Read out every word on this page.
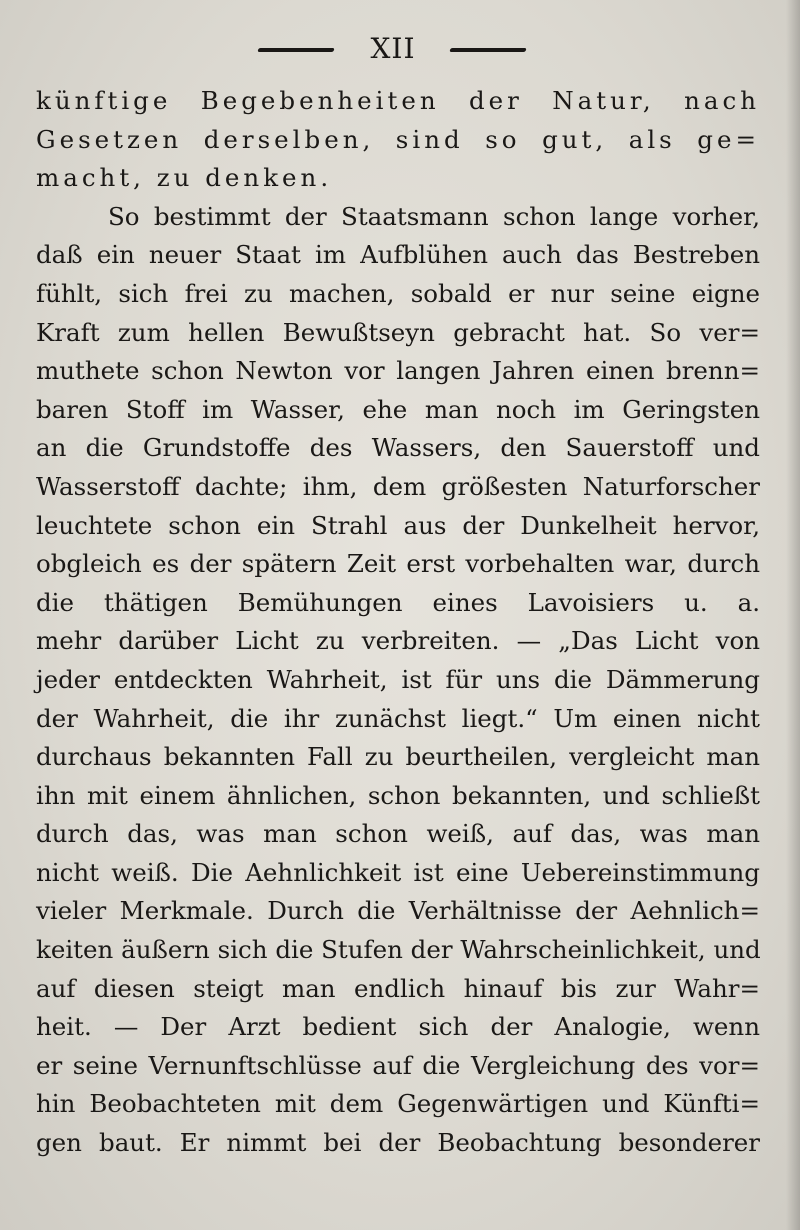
XII
künftige Begebenheiten der Natur, nach
Gesetzen derselben, sind so gut, als ge=
macht, zu denken.
So bestimmt der Staatsmann schon lange vorher,
daß ein neuer Staat im Aufblühen auch das Bestreben
fühlt, sich frei zu machen, sobald er nur seine eigne
Kraft zum hellen Bewußtseyn gebracht hat. So ver=
muthete schon Newton vor langen Jahren einen brenn=
baren Stoff im Wasser, ehe man noch im Geringsten
an die Grundstoffe des Wassers, den Sauerstoff und
Wasserstoff dachte; ihm, dem größesten Naturforscher
leuchtete schon ein Strahl aus der Dunkelheit hervor,
obgleich es der spätern Zeit erst vorbehalten war, durch
die thätigen Bemühungen eines Lavoisiers u. a.
mehr darüber Licht zu verbreiten. — „Das Licht von
jeder entdeckten Wahrheit, ist für uns die Dämmerung
der Wahrheit, die ihr zunächst liegt.“ Um einen nicht
durchaus bekannten Fall zu beurtheilen, vergleicht man
ihn mit einem ähnlichen, schon bekannten, und schließt
durch das, was man schon weiß, auf das, was man
nicht weiß. Die Aehnlichkeit ist eine Uebereinstimmung
vieler Merkmale. Durch die Verhältnisse der Aehnlich=
keiten äußern sich die Stufen der Wahrscheinlichkeit, und
auf diesen steigt man endlich hinauf bis zur Wahr=
heit. — Der Arzt bedient sich der Analogie, wenn
er seine Vernunftschlüsse auf die Vergleichung des vor=
hin Beobachteten mit dem Gegenwärtigen und Künfti=
gen baut. Er nimmt bei der Beobachtung besonderer
